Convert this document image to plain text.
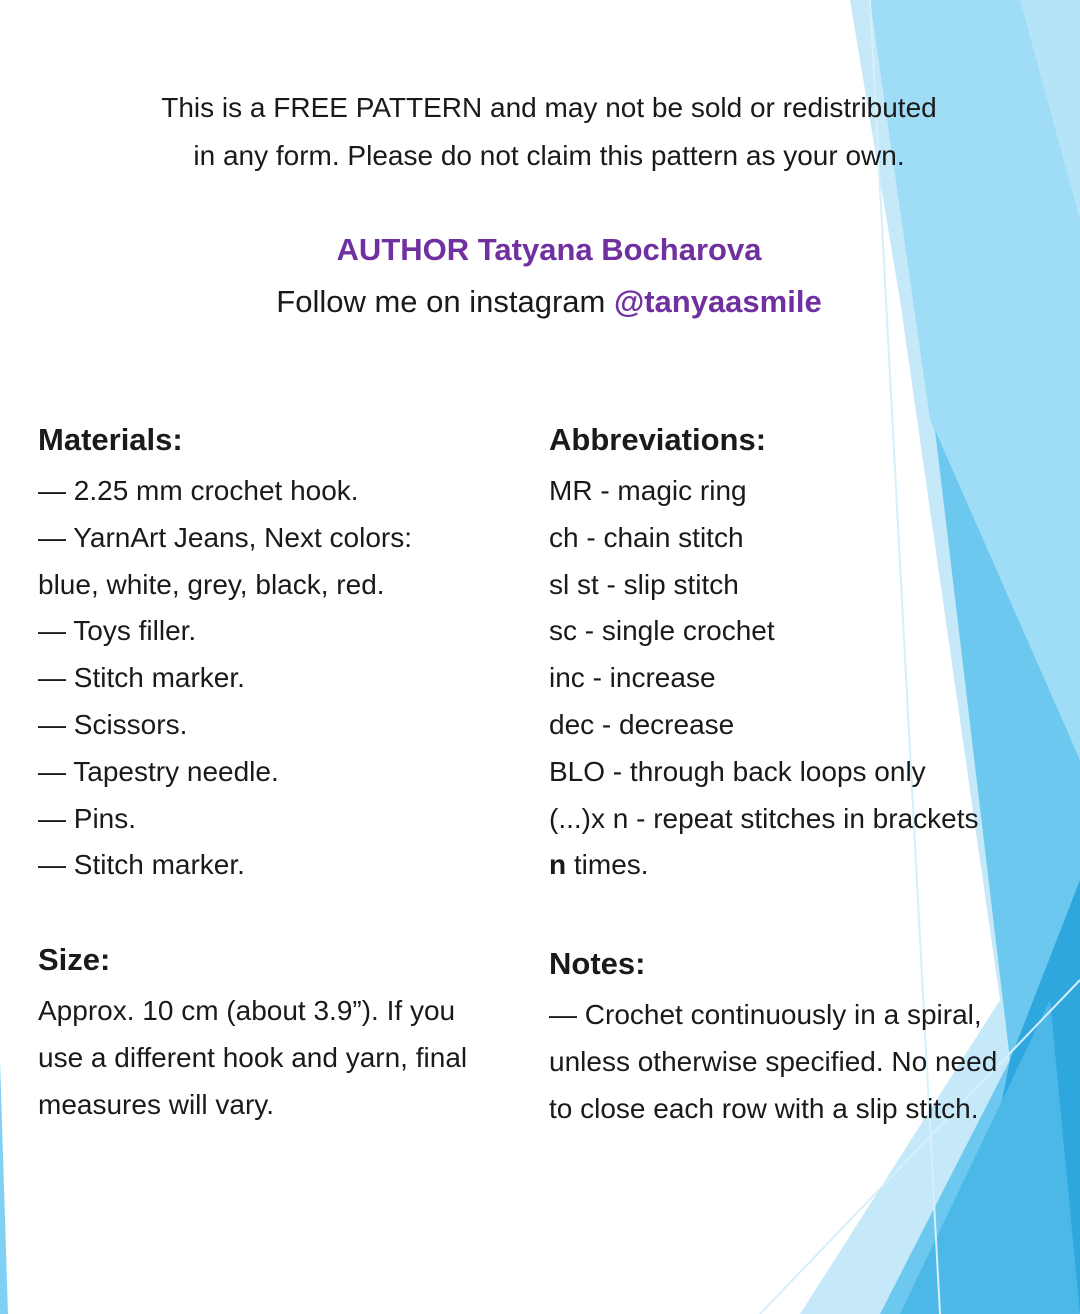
This is a FREE PATTERN and may not be sold or redistributed
in any form. Please do not claim this pattern as your own.

AUTHOR Tatyana Bocharova

Follow me on instagram @tanyaasmile

Materials:
— 2.25 mm crochet hook.
— YarnArt Jeans, Next colors:
blue, white, grey, black, red.
— Toys filler.
— Stitch marker.
— Scissors.
— Tapestry needle.
— Pins.
— Stitch marker.
Abbreviations:
MR - magic ring
ch - chain stitch
sl st - slip stitch
sc - single crochet
inc - increase
dec - decrease
BLO - through back loops only
(...)x n - repeat stitches in brackets
n times.
Size:

Approx. 10 cm (about 3.9”). If you
use a different hook and yarn, final
measures will vary.

Notes:

— Crochet continuously in a spiral,
unless otherwise specified. No need
to close each row with a slip stitch.
